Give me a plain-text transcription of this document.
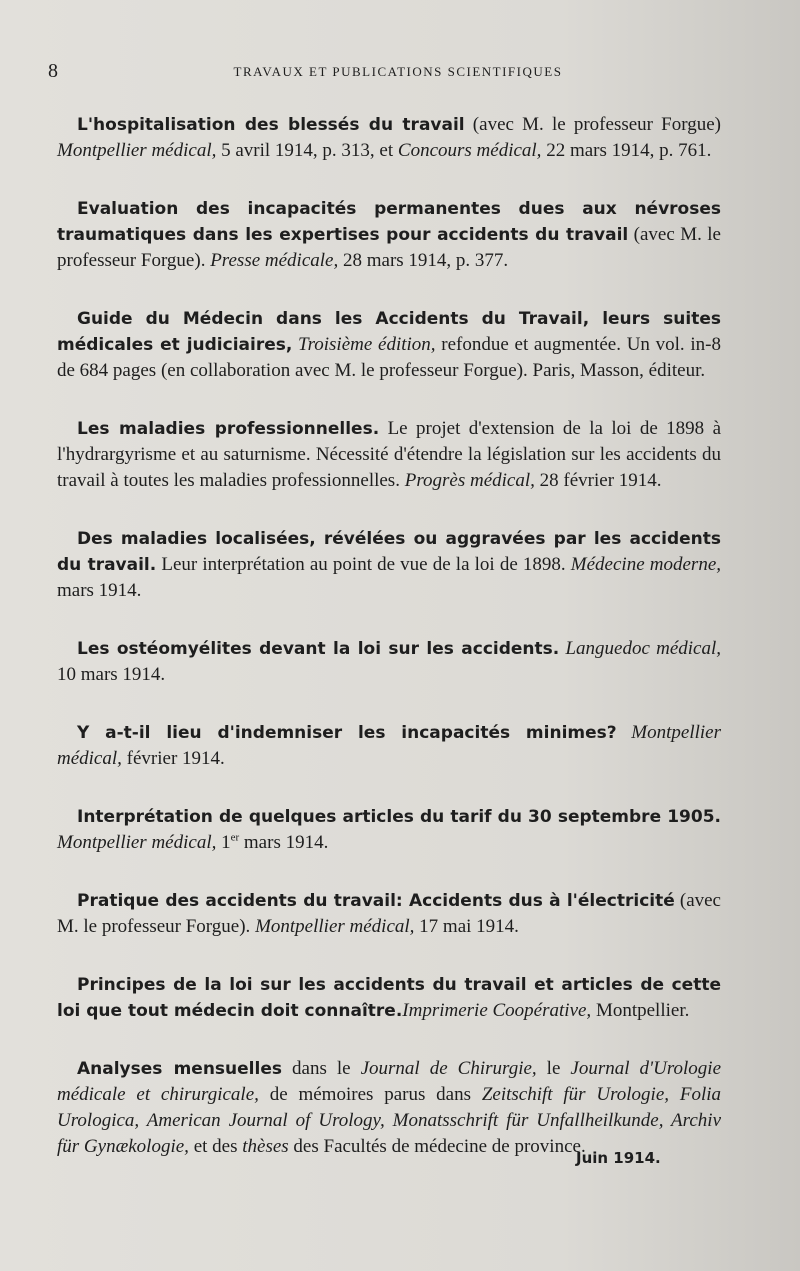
8	TRAVAUX ET PUBLICATIONS SCIENTIFIQUES

L'hospitalisation des blessés du travail (avec M. le professeur Forgue) Montpellier médical, 5 avril 1914, p. 313, et Concours médical, 22 mars 1914, p. 761.

Evaluation des incapacités permanentes dues aux névroses traumatiques dans les expertises pour accidents du travail (avec M. le professeur Forgue). Presse médicale, 28 mars 1914, p. 377.

Guide du Médecin dans les Accidents du Travail, leurs suites médicales et judiciaires, Troisième édition, refondue et augmentée. Un vol. in-8 de 684 pages (en collaboration avec M. le professeur Forgue). Paris, Masson, éditeur.

Les maladies professionnelles. Le projet d'extension de la loi de 1898 à l'hydrargyrisme et au saturnisme. Nécessité d'étendre la législation sur les accidents du travail à toutes les maladies professionnelles. Progrès médical, 28 février 1914.

Des maladies localisées, révélées ou aggravées par les accidents du travail. Leur interprétation au point de vue de la loi de 1898. Médecine moderne, mars 1914.

Les ostéomyélites devant la loi sur les accidents. Languedoc médical, 10 mars 1914.

Y a-t-il lieu d'indemniser les incapacités minimes? Montpellier médical, février 1914.

Interprétation de quelques articles du tarif du 30 septembre 1905. Montpellier médical, 1er mars 1914.

Pratique des accidents du travail: Accidents dus à l'électricité (avec M. le professeur Forgue). Montpellier médical, 17 mai 1914.

Principes de la loi sur les accidents du travail et articles de cette loi que tout médecin doit connaître.Imprimerie Coopérative, Montpellier.

Analyses mensuelles dans le Journal de Chirurgie, le Journal d'Urologie médicale et chirurgicale, de mémoires parus dans Zeitschift für Urologie, Folia Urologica, American Journal of Urology, Monatsschrift für Unfallheilkunde, Archiv für Gynækologie, et des thèses des Facultés de médecine de province.

Juin 1914.
